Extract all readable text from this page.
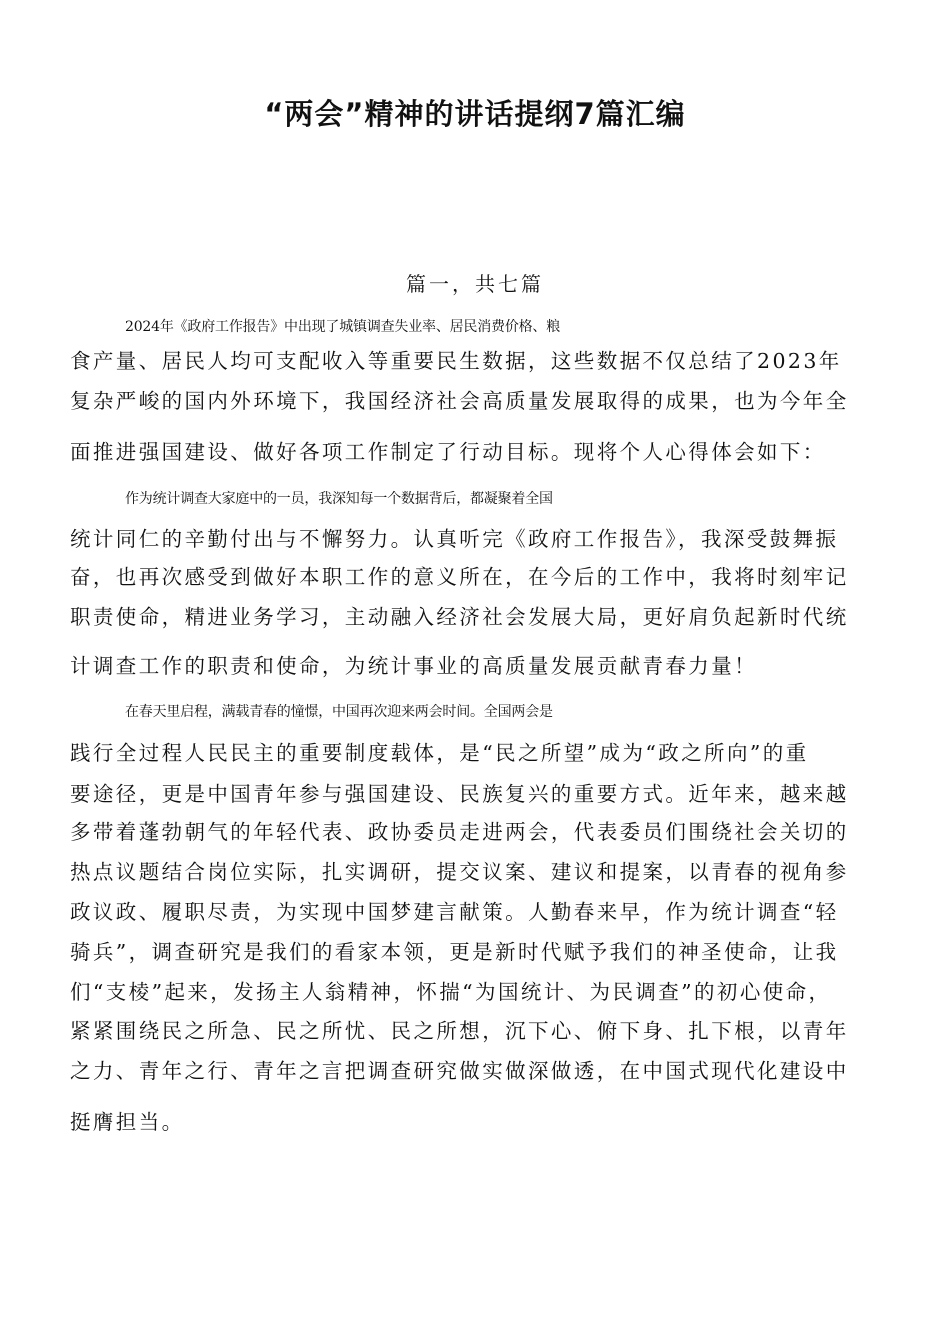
“两会”精神的讲话提纲7篇汇编
篇一，共七篇
2024年《政府工作报告》中出现了城镇调查失业率、居民消费价格、粮
食产量、居民人均可支配收入等重要民生数据，这些数据不仅总结了2023年
复杂严峻的国内外环境下，我国经济社会高质量发展取得的成果，也为今年全
面推进强国建设、做好各项工作制定了行动目标。现将个人心得体会如下：
作为统计调查大家庭中的一员，我深知每一个数据背后，都凝聚着全国
统计同仁的辛勤付出与不懈努力。认真听完《政府工作报告》，我深受鼓舞振
奋，也再次感受到做好本职工作的意义所在，在今后的工作中，我将时刻牢记
职责使命，精进业务学习，主动融入经济社会发展大局，更好肩负起新时代统
计调查工作的职责和使命，为统计事业的高质量发展贡献青春力量！
在春天里启程，满载青春的憧憬，中国再次迎来两会时间。全国两会是
践行全过程人民民主的重要制度载体，是“民之所望”成为“政之所向”的重
要途径，更是中国青年参与强国建设、民族复兴的重要方式。近年来，越来越
多带着蓬勃朝气的年轻代表、政协委员走进两会，代表委员们围绕社会关切的
热点议题结合岗位实际，扎实调研，提交议案、建议和提案，以青春的视角参
政议政、履职尽责，为实现中国梦建言献策。人勤春来早，作为统计调查“轻
骑兵”，调查研究是我们的看家本领，更是新时代赋予我们的神圣使命，让我
们“支棱”起来，发扬主人翁精神，怀揣“为国统计、为民调查”的初心使命，
紧紧围绕民之所急、民之所忧、民之所想，沉下心、俯下身、扎下根，以青年
之力、青年之行、青年之言把调查研究做实做深做透，在中国式现代化建设中
挺膺担当。
